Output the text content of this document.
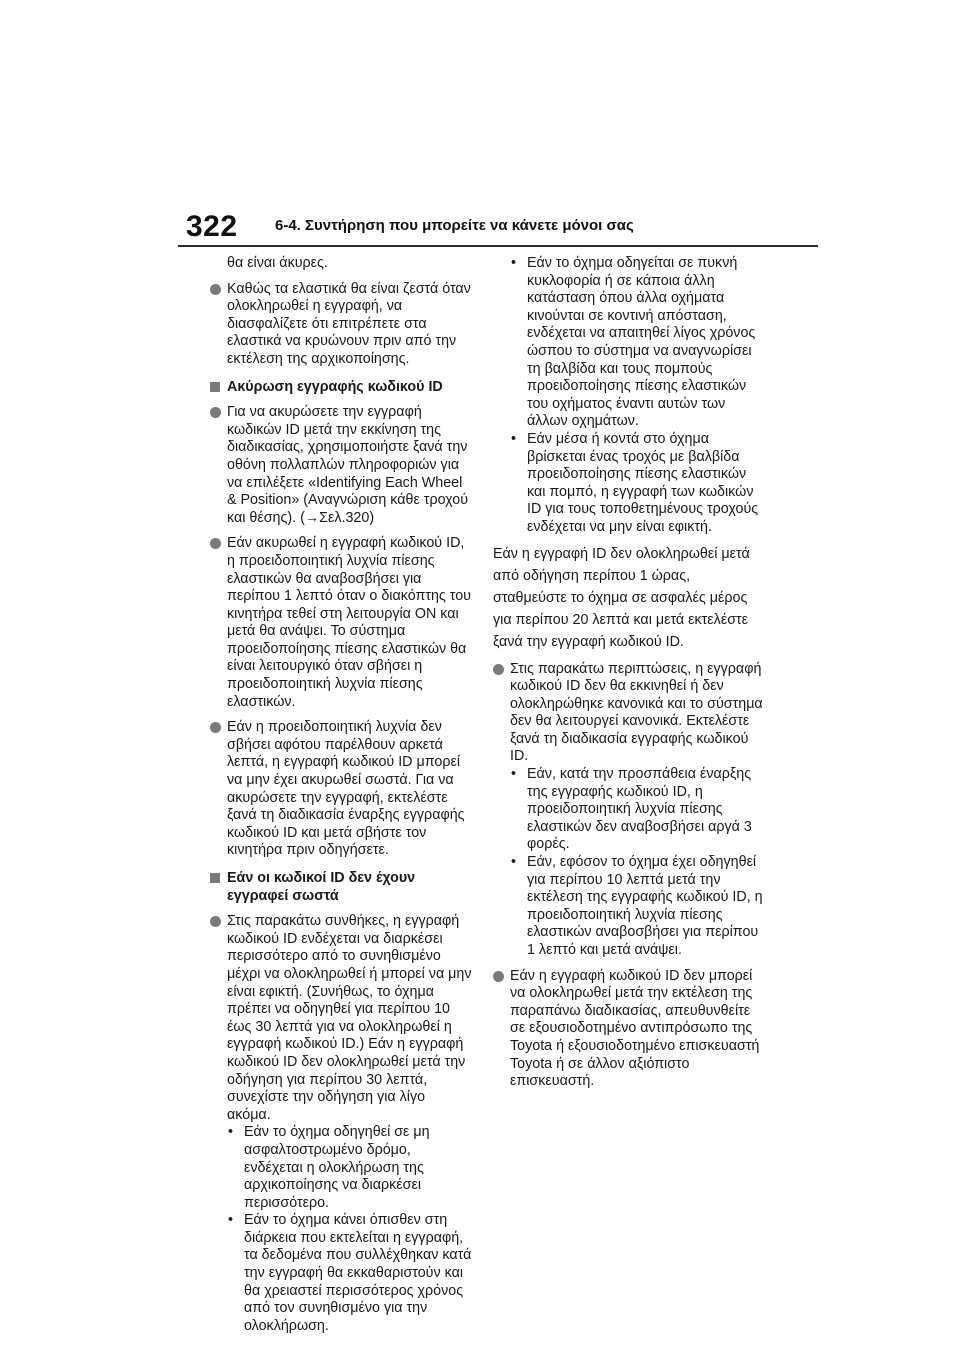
322 6-4. Συντήρηση που μπορείτε να κάνετε μόνοι σας

θα είναι άκυρες.

Καθώς τα ελαστικά θα είναι ζεστά όταν ολοκληρωθεί η εγγραφή, να διασφαλίζετε ότι επιτρέπετε στα ελαστικά να κρυώνουν πριν από την εκτέλεση της αρχικοποίησης.
Ακύρωση εγγραφής κωδικού ID
Για να ακυρώσετε την εγγραφή κωδικών ID μετά την εκκίνηση της διαδικασίας, χρησιμοποιήστε ξανά την οθόνη πολλαπλών πληροφοριών για να επιλέξετε «Identifying Each Wheel & Position» (Αναγνώριση κάθε τροχού και θέσης). (→Σελ.320)
Εάν ακυρωθεί η εγγραφή κωδικού ID, η προειδοποιητική λυχνία πίεσης ελαστικών θα αναβοσβήσει για περίπου 1 λεπτό όταν ο διακόπτης του κινητήρα τεθεί στη λειτουργία ON και μετά θα ανάψει. Το σύστημα προειδοποίησης πίεσης ελαστικών θα είναι λειτουργικό όταν σβήσει η προειδοποιητική λυχνία πίεσης ελαστικών.
Εάν η προειδοποιητική λυχνία δεν σβήσει αφότου παρέλθουν αρκετά λεπτά, η εγγραφή κωδικού ID μπορεί να μην έχει ακυρωθεί σωστά. Για να ακυρώσετε την εγγραφή, εκτελέστε ξανά τη διαδικασία έναρξης εγγραφής κωδικού ID και μετά σβήστε τον κινητήρα πριν οδηγήσετε.
Εάν οι κωδικοί ID δεν έχουν εγγραφεί σωστά
Στις παρακάτω συνθήκες, η εγγραφή κωδικού ID ενδέχεται να διαρκέσει περισσότερο από το συνηθισμένο μέχρι να ολοκληρωθεί ή μπορεί να μην είναι εφικτή. (Συνήθως, το όχημα πρέπει να οδηγηθεί για περίπου 10 έως 30 λεπτά για να ολοκληρωθεί η εγγραφή κωδικού ID.) Εάν η εγγραφή κωδικού ID δεν ολοκληρωθεί μετά την οδήγηση για περίπου 30 λεπτά, συνεχίστε την οδήγηση για λίγο ακόμα.
• Εάν το όχημα οδηγηθεί σε μη ασφαλτοστρωμένο δρόμο, ενδέχεται η ολοκλήρωση της αρχικοποίησης να διαρκέσει περισσότερο.
• Εάν το όχημα κάνει όπισθεν στη διάρκεια που εκτελείται η εγγραφή, τα δεδομένα που συλλέχθηκαν κατά την εγγραφή θα εκκαθαριστούν και θα χρειαστεί περισσότερος χρόνος από τον συνηθισμένο για την ολοκλήρωση.
• Εάν το όχημα οδηγείται σε πυκνή κυκλοφορία ή σε κάποια άλλη κατάσταση όπου άλλα οχήματα κινούνται σε κοντινή απόσταση, ενδέχεται να απαιτηθεί λίγος χρόνος ώσπου το σύστημα να αναγνωρίσει τη βαλβίδα και τους πομπούς προειδοποίησης πίεσης ελαστικών του οχήματος έναντι αυτών των άλλων οχημάτων.
• Εάν μέσα ή κοντά στο όχημα βρίσκεται ένας τροχός με βαλβίδα προειδοποίησης πίεσης ελαστικών και πομπό, η εγγραφή των κωδικών ID για τους τοποθετημένους τροχούς ενδέχεται να μην είναι εφικτή.

Εάν η εγγραφή ID δεν ολοκληρωθεί μετά από οδήγηση περίπου 1 ώρας, σταθμεύστε το όχημα σε ασφαλές μέρος για περίπου 20 λεπτά και μετά εκτελέστε ξανά την εγγραφή κωδικού ID.

Στις παρακάτω περιπτώσεις, η εγγραφή κωδικού ID δεν θα εκκινηθεί ή δεν ολοκληρώθηκε κανονικά και το σύστημα δεν θα λειτουργεί κανονικά. Εκτελέστε ξανά τη διαδικασία εγγραφής κωδικού ID.
• Εάν, κατά την προσπάθεια έναρξης της εγγραφής κωδικού ID, η προειδοποιητική λυχνία πίεσης ελαστικών δεν αναβοσβήσει αργά 3 φορές.
• Εάν, εφόσον το όχημα έχει οδηγηθεί για περίπου 10 λεπτά μετά την εκτέλεση της εγγραφής κωδικού ID, η προειδοποιητική λυχνία πίεσης ελαστικών αναβοσβήσει για περίπου 1 λεπτό και μετά ανάψει.
Εάν η εγγραφή κωδικού ID δεν μπορεί να ολοκληρωθεί μετά την εκτέλεση της παραπάνω διαδικασίας, απευθυνθείτε σε εξουσιοδοτημένο αντιπρόσωπο της Toyota ή εξουσιοδοτημένο επισκευαστή Toyota ή σε άλλον αξιόπιστο επισκευαστή.
